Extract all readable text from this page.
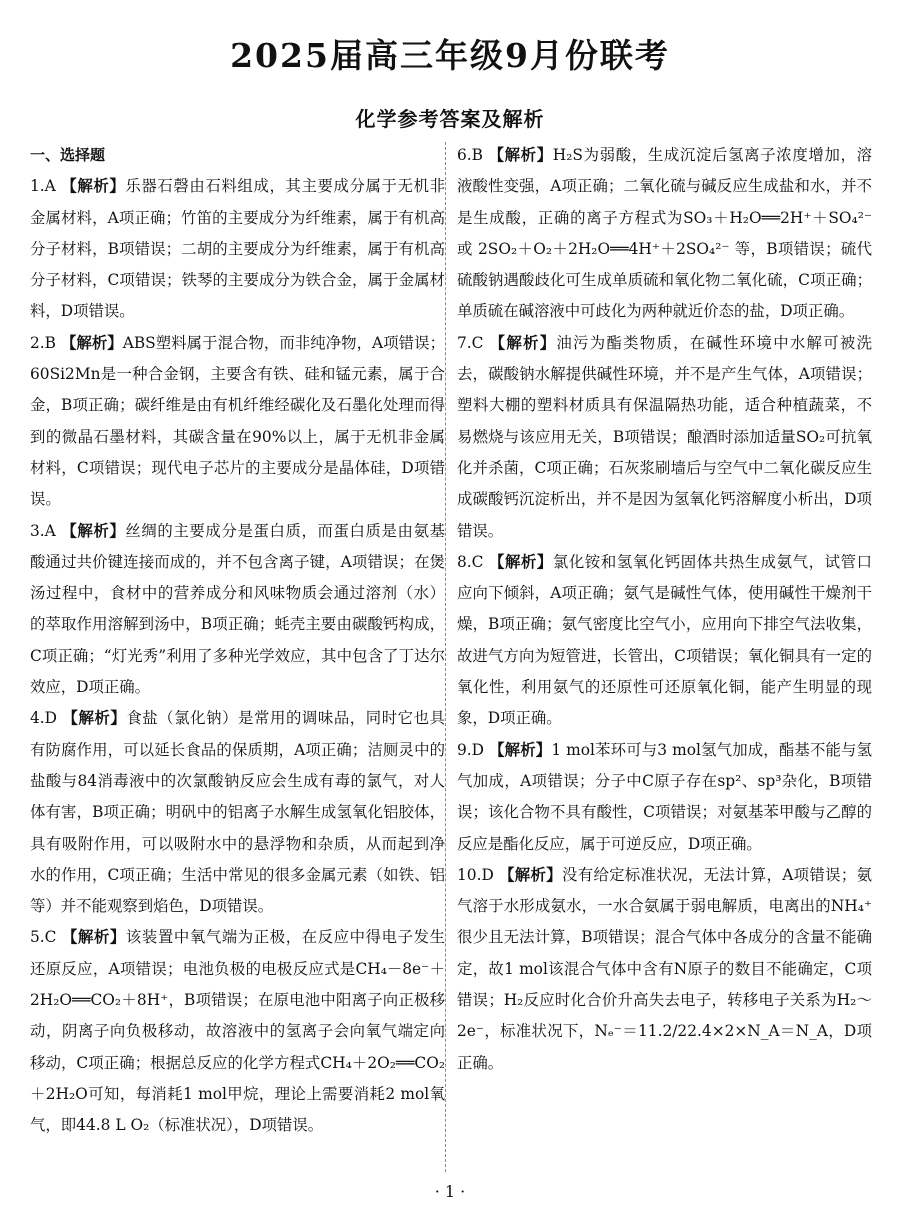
2025届高三年级9月份联考
化学参考答案及解析
一、选择题
1.A 【解析】乐器石磬由石料组成，其主要成分属于无机非金属材料，A项正确；竹笛的主要成分为纤维素，属于有机高分子材料，B项错误；二胡的主要成分为纤维素，属于有机高分子材料，C项错误；铁琴的主要成分为铁合金，属于金属材料，D项错误。
2.B 【解析】ABS塑料属于混合物，而非纯净物，A项错误；60Si2Mn是一种合金钢，主要含有铁、硅和锰元素，属于合金，B项正确；碳纤维是由有机纤维经碳化及石墨化处理而得到的微晶石墨材料，其碳含量在90%以上，属于无机非金属材料，C项错误；现代电子芯片的主要成分是晶体硅，D项错误。
3.A 【解析】丝绸的主要成分是蛋白质，而蛋白质是由氨基酸通过共价键连接而成的，并不包含离子键，A项错误；在煲汤过程中，食材中的营养成分和风味物质会通过溶剂（水）的萃取作用溶解到汤中，B项正确；蚝壳主要由碳酸钙构成，C项正确；“灯光秀”利用了多种光学效应，其中包含了丁达尔效应，D项正确。
4.D 【解析】食盐（氯化钠）是常用的调味品，同时它也具有防腐作用，可以延长食品的保质期，A项正确；洁厕灵中的盐酸与84消毒液中的次氯酸钠反应会生成有毒的氯气，对人体有害，B项正确；明矾中的铝离子水解生成氢氧化铝胶体，具有吸附作用，可以吸附水中的悬浮物和杂质，从而起到净水的作用，C项正确；生活中常见的很多金属元素（如铁、铝等）并不能观察到焰色，D项错误。
5.C 【解析】该装置中氧气端为正极，在反应中得电子发生还原反应，A项错误；电池负极的电极反应式是CH₄－8e⁻＋2H₂O══CO₂＋8H⁺，B项错误；在原电池中阳离子向正极移动，阴离子向负极移动，故溶液中的氢离子会向氧气端定向移动，C项正确；根据总反应的化学方程式CH₄＋2O₂══CO₂＋2H₂O可知，每消耗1 mol甲烷，理论上需要消耗2 mol氧气，即44.8 L O₂（标准状况），D项错误。
6.B 【解析】H₂S为弱酸，生成沉淀后氢离子浓度增加，溶液酸性变强，A项正确；二氧化硫与碱反应生成盐和水，并不是生成酸，正确的离子方程式为SO₃＋H₂O══2H⁺＋SO₄²⁻ 或 2SO₂＋O₂＋2H₂O══4H⁺＋2SO₄²⁻ 等，B项错误；硫代硫酸钠遇酸歧化可生成单质硫和氧化物二氧化硫，C项正确；单质硫在碱溶液中可歧化为两种就近价态的盐，D项正确。
7.C 【解析】油污为酯类物质，在碱性环境中水解可被洗去，碳酸钠水解提供碱性环境，并不是产生气体，A项错误；塑料大棚的塑料材质具有保温隔热功能，适合种植蔬菜，不易燃烧与该应用无关，B项错误；酿酒时添加适量SO₂可抗氧化并杀菌，C项正确；石灰浆刷墙后与空气中二氧化碳反应生成碳酸钙沉淀析出，并不是因为氢氧化钙溶解度小析出，D项错误。
8.C 【解析】氯化铵和氢氧化钙固体共热生成氨气，试管口应向下倾斜，A项正确；氨气是碱性气体，使用碱性干燥剂干燥，B项正确；氨气密度比空气小，应用向下排空气法收集，故进气方向为短管进，长管出，C项错误；氧化铜具有一定的氧化性，利用氨气的还原性可还原氧化铜，能产生明显的现象，D项正确。
9.D 【解析】1 mol苯环可与3 mol氢气加成，酯基不能与氢气加成，A项错误；分子中C原子存在sp²、sp³杂化，B项错误；该化合物不具有酸性，C项错误；对氨基苯甲酸与乙醇的反应是酯化反应，属于可逆反应，D项正确。
10.D 【解析】没有给定标准状况，无法计算，A项错误；氨气溶于水形成氨水，一水合氨属于弱电解质，电离出的NH₄⁺很少且无法计算，B项错误；混合气体中各成分的含量不能确定，故1 mol该混合气体中含有N原子的数目不能确定，C项错误；H₂反应时化合价升高失去电子，转移电子关系为H₂～2e⁻，标准状况下，Nₑ⁻＝11.2/22.4×2×N_A＝N_A，D项正确。
· 1 ·
